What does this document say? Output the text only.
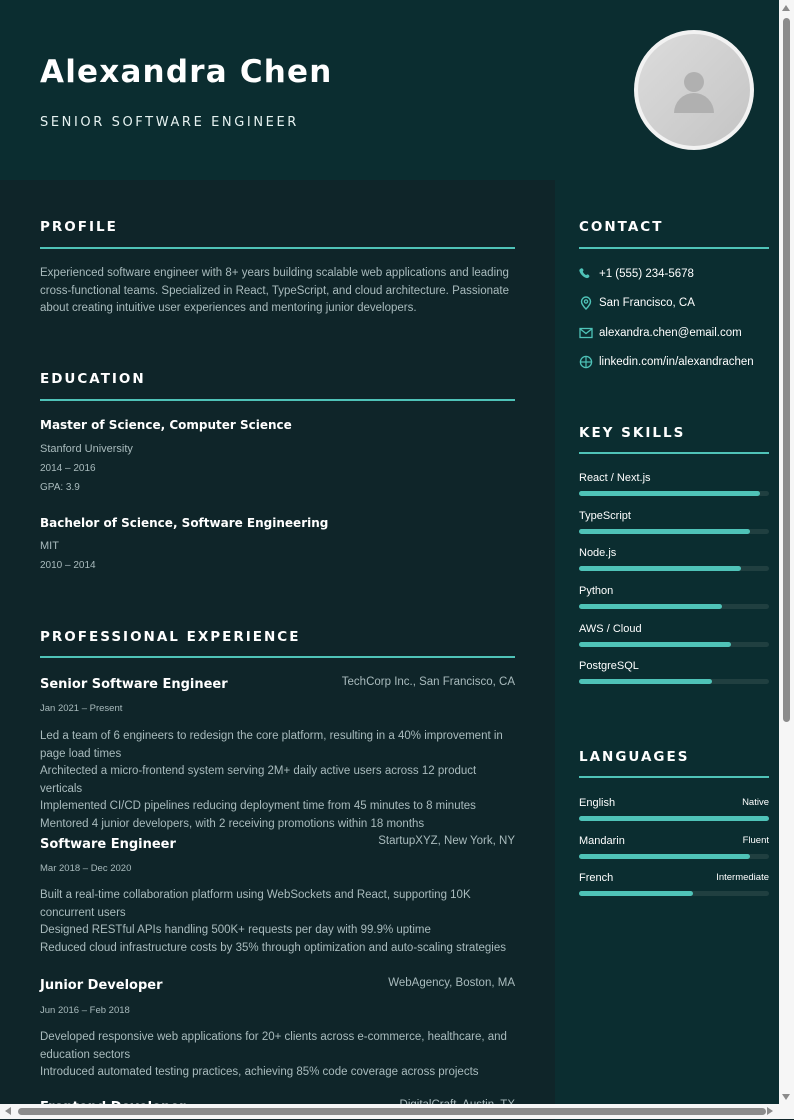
Alexandra Chen
SENIOR SOFTWARE ENGINEER
PROFILE
Experienced software engineer with 8+ years building scalable web applications and leading cross-functional teams. Specialized in React, TypeScript, and cloud architecture. Passionate about creating intuitive user experiences and mentoring junior developers.
EDUCATION
Master of Science, Computer Science
Stanford University
2014 – 2016
GPA: 3.9
Bachelor of Science, Software Engineering
MIT
2010 – 2014
PROFESSIONAL EXPERIENCE
Senior Software Engineer	TechCorp Inc., San Francisco, CA
Jan 2021 – Present
Led a team of 6 engineers to redesign the core platform, resulting in a 40% improvement in page load times
Architected a micro-frontend system serving 2M+ daily active users across 12 product verticals
Implemented CI/CD pipelines reducing deployment time from 45 minutes to 8 minutes
Mentored 4 junior developers, with 2 receiving promotions within 18 months
Software Engineer	StartupXYZ, New York, NY
Mar 2018 – Dec 2020
Built a real-time collaboration platform using WebSockets and React, supporting 10K concurrent users
Designed RESTful APIs handling 500K+ requests per day with 99.9% uptime
Reduced cloud infrastructure costs by 35% through optimization and auto-scaling strategies
Junior Developer	WebAgency, Boston, MA
Jun 2016 – Feb 2018
Developed responsive web applications for 20+ clients across e-commerce, healthcare, and education sectors
Introduced automated testing practices, achieving 85% code coverage across projects
CONTACT
+1 (555) 234-5678
San Francisco, CA
alexandra.chen@email.com
linkedin.com/in/alexandrachen
KEY SKILLS
React / Next.js
TypeScript
Node.js
Python
AWS / Cloud
PostgreSQL
LANGUAGES
English	Native
Mandarin	Fluent
French	Intermediate
